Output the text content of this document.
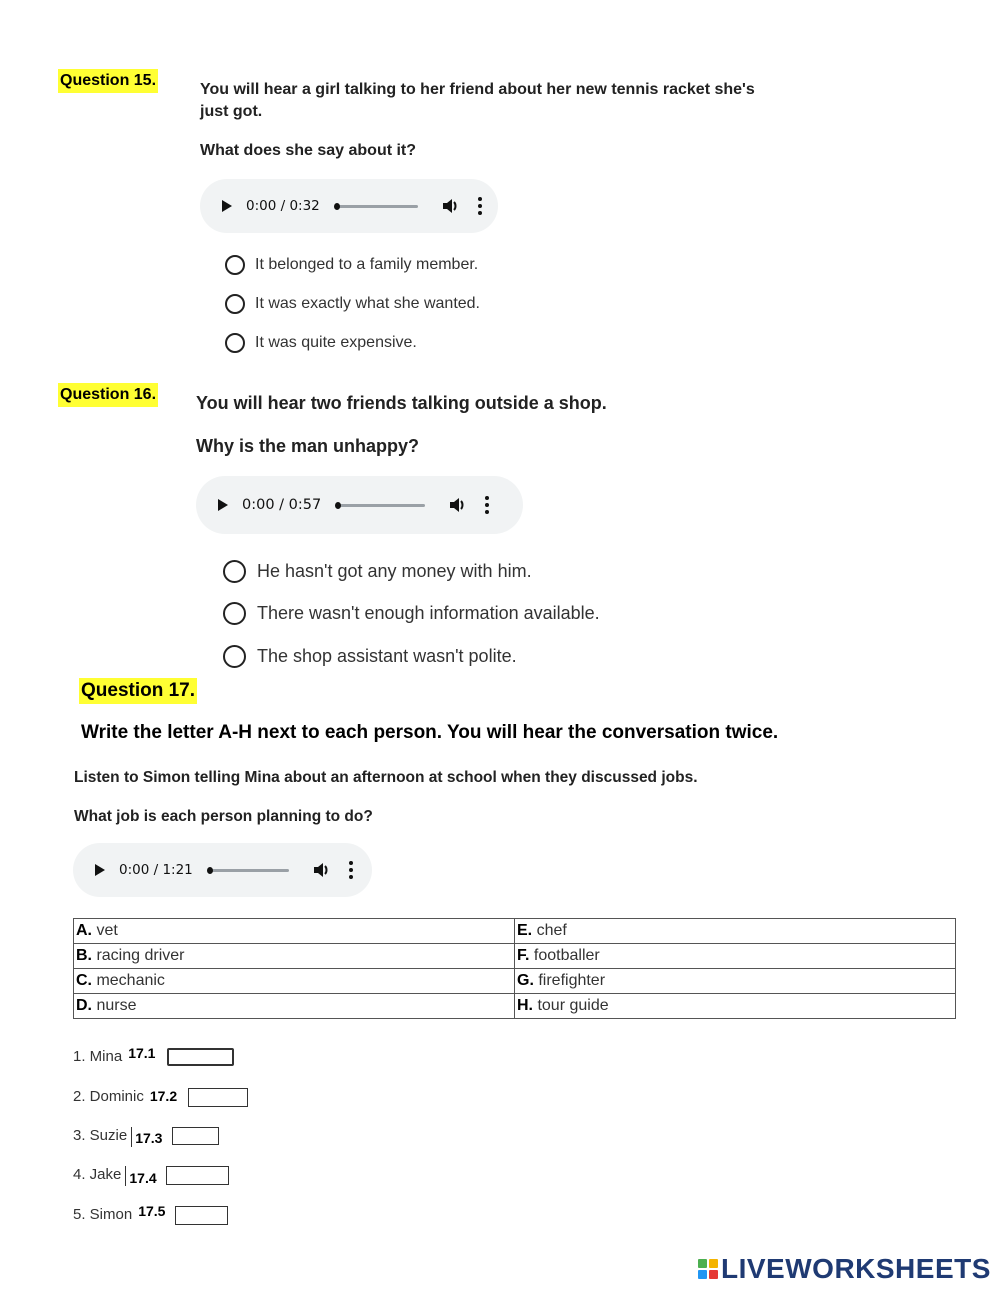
Question 15.
You will hear a girl talking to her friend about her new tennis racket she's
just got.
What does she say about it?
0:00 / 0:32
It belonged to a family member.
It was exactly what she wanted.
It was quite expensive.
Question 16. You will hear two friends talking outside a shop.
Why is the man unhappy?
0:00 / 0:57
He hasn't got any money with him.
There wasn't enough information available.
The shop assistant wasn't polite.
Question 17.
Write the letter A-H next to each person. You will hear the conversation twice.
Listen to Simon telling Mina about an afternoon at school when they discussed jobs.
What job is each person planning to do?
0:00 / 1:21
A. vet	E. chef
B. racing driver	F. footballer
C. mechanic	G. firefighter
D. nurse	H. tour guide
1. Mina 17.1
2. Dominic 17.2
3. Suzie 17.3
4. Jake 17.4
5. Simon 17.5
LIVEWORKSHEETS
